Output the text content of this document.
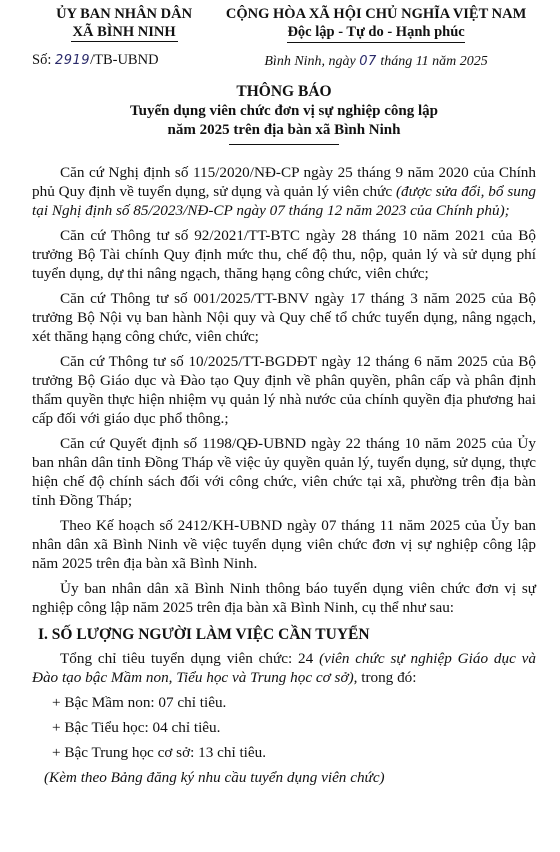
ỦY BAN NHÂN DÂN
XÃ BÌNH NINH
Số: 2919/TB-UBND
CỘNG HÒA XÃ HỘI CHỦ NGHĨA VIỆT NAM
Độc lập - Tự do - Hạnh phúc
Bình Ninh, ngày 07 tháng 11 năm 2025
THÔNG BÁO
Tuyển dụng viên chức đơn vị sự nghiệp công lập
năm 2025 trên địa bàn xã Bình Ninh

Căn cứ Nghị định số 115/2020/NĐ-CP ngày 25 tháng 9 năm 2020 của Chính phủ Quy định về tuyển dụng, sử dụng và quản lý viên chức (được sửa đổi, bổ sung tại Nghị định số 85/2023/NĐ-CP ngày 07 tháng 12 năm 2023 của Chính phủ);

Căn cứ Thông tư số 92/2021/TT-BTC ngày 28 tháng 10 năm 2021 của Bộ trưởng Bộ Tài chính Quy định mức thu, chế độ thu, nộp, quản lý và sử dụng phí tuyển dụng, dự thi nâng ngạch, thăng hạng công chức, viên chức;

Căn cứ Thông tư số 001/2025/TT-BNV ngày 17 tháng 3 năm 2025 của Bộ trưởng Bộ Nội vụ ban hành Nội quy và Quy chế tổ chức tuyển dụng, nâng ngạch, xét thăng hạng công chức, viên chức;

Căn cứ Thông tư số 10/2025/TT-BGDĐT ngày 12 tháng 6 năm 2025 của Bộ trưởng Bộ Giáo dục và Đào tạo Quy định về phân quyền, phân cấp và phân định thẩm quyền thực hiện nhiệm vụ quản lý nhà nước của chính quyền địa phương hai cấp đối với giáo dục phổ thông.;

Căn cứ Quyết định số 1198/QĐ-UBND ngày 22 tháng 10 năm 2025 của Ủy ban nhân dân tỉnh Đồng Tháp về việc ủy quyền quản lý, tuyển dụng, sử dụng, thực hiện chế độ chính sách đối với công chức, viên chức tại xã, phường trên địa bàn tỉnh Đồng Tháp;

Theo Kế hoạch số 2412/KH-UBND ngày 07 tháng 11 năm 2025 của Ủy ban nhân dân xã Bình Ninh về việc tuyển dụng viên chức đơn vị sự nghiệp công lập năm 2025 trên địa bàn xã Bình Ninh.

Ủy ban nhân dân xã Bình Ninh thông báo tuyển dụng viên chức đơn vị sự nghiệp công lập năm 2025 trên địa bàn xã Bình Ninh, cụ thể như sau:

I. SỐ LƯỢNG NGƯỜI LÀM VIỆC CẦN TUYỂN

Tổng chỉ tiêu tuyển dụng viên chức: 24 (viên chức sự nghiệp Giáo dục và Đào tạo bậc Mầm non, Tiểu học và Trung học cơ sở), trong đó:

+ Bậc Mầm non: 07 chỉ tiêu.

+ Bậc Tiểu học: 04 chỉ tiêu.

+ Bậc Trung học cơ sở: 13 chỉ tiêu.

(Kèm theo Bảng đăng ký nhu cầu tuyển dụng viên chức)
